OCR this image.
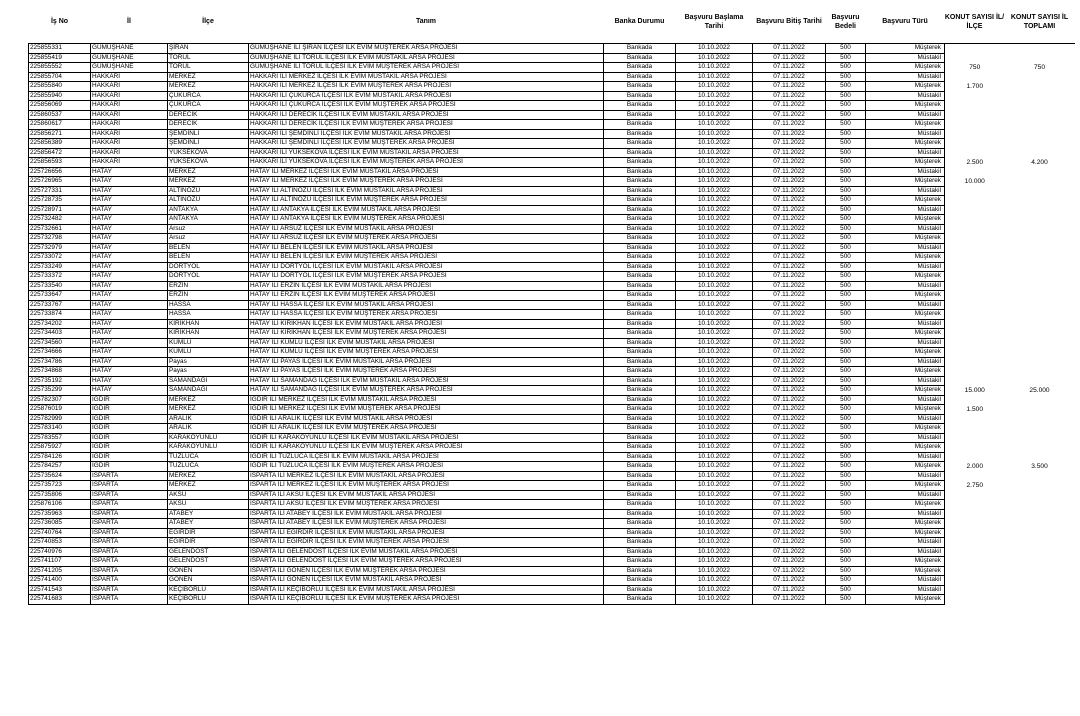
İş No	İl	İlçe	Tanım	Banka Durumu	Başvuru Başlama Tarihi	Başvuru Bitiş Tarihi	Başvuru Bedeli	Başvuru Türü	KONUT SAYISI İL/İLÇE	KONUT SAYISI İL TOPLAMI
225855331	GÜMÜŞHANE	ŞİRAN	GÜMÜŞHANE İLİ ŞİRAN İLÇESİ İLK EVİM MÜŞTEREK ARSA PROJESİ	Bankada	10.10.2022	07.11.2022	500	Müşterek		
225855419	GÜMÜŞHANE	TORUL	GÜMÜŞHANE İLİ TORUL İLÇESİ İLK EVİM MÜSTAKİL ARSA PROJESİ	Bankada	10.10.2022	07.11.2022	500	Müstakil		
225855552	GÜMÜŞHANE	TORUL	GÜMÜŞHANE İLİ TORUL İLÇESİ İLK EVİM MÜŞTEREK ARSA PROJESİ	Bankada	10.10.2022	07.11.2022	500	Müşterek	750	750
225855704	HAKKARİ	MERKEZ	HAKKARİ İLİ MERKEZ İLÇESİ İLK EVİM MÜSTAKİL ARSA PROJESİ	Bankada	10.10.2022	07.11.2022	500	Müstakil		
225855840	HAKKARİ	MERKEZ	HAKKARİ İLİ MERKEZ İLÇESİ İLK EVİM MÜŞTEREK ARSA PROJESİ	Bankada	10.10.2022	07.11.2022	500	Müşterek	1.700	
225855940	HAKKARİ	ÇUKURCA	HAKKARİ İLİ ÇUKURCA İLÇESİ İLK EVİM MÜSTAKİL ARSA PROJESİ	Bankada	10.10.2022	07.11.2022	500	Müstakil		
225856069	HAKKARİ	ÇUKURCA	HAKKARİ İLİ ÇUKURCA İLÇESİ İLK EVİM MÜŞTEREK ARSA PROJESİ	Bankada	10.10.2022	07.11.2022	500	Müşterek		
225860537	HAKKARİ	DERECİK	HAKKARİ İLİ DERECİK İLÇESİ İLK EVİM MÜSTAKİL ARSA PROJESİ	Bankada	10.10.2022	07.11.2022	500	Müstakil		
225860617	HAKKARİ	DERECİK	HAKKARİ İLİ DERECİK İLÇESİ İLK EVİM MÜŞTEREK ARSA PROJESİ	Bankada	10.10.2022	07.11.2022	500	Müşterek		
225856271	HAKKARİ	ŞEMDİNLİ	HAKKARİ İLİ ŞEMDİNLİ İLÇESİ İLK EVİM MÜSTAKİL ARSA PROJESİ	Bankada	10.10.2022	07.11.2022	500	Müstakil		
225856389	HAKKARİ	ŞEMDİNLİ	HAKKARİ İLİ ŞEMDİNLİ İLÇESİ İLK EVİM MÜŞTEREK ARSA PROJESİ	Bankada	10.10.2022	07.11.2022	500	Müşterek		
225856472	HAKKARİ	YÜKSEKOVA	HAKKARİ İLİ YÜKSEKOVA İLÇESİ İLK EVİM MÜSTAKİL ARSA PROJESİ	Bankada	10.10.2022	07.11.2022	500	Müstakil		
225856593	HAKKARİ	YÜKSEKOVA	HAKKARİ İLİ YÜKSEKOVA İLÇESİ İLK EVİM MÜŞTEREK ARSA PROJESİ	Bankada	10.10.2022	07.11.2022	500	Müşterek	2.500	4.200
225726656	HATAY	MERKEZ	HATAY İLİ MERKEZ İLÇESİ İLK EVİM MÜSTAKİL ARSA PROJESİ	Bankada	10.10.2022	07.11.2022	500	Müstakil		
225726965	HATAY	MERKEZ	HATAY İLİ MERKEZ İLÇESİ İLK EVİM MÜŞTEREK ARSA PROJESİ	Bankada	10.10.2022	07.11.2022	500	Müşterek	10.000	
225727331	HATAY	ALTINÖZÜ	HATAY İLİ ALTINÖZÜ İLÇESİ İLK EVİM MÜSTAKİL ARSA PROJESİ	Bankada	10.10.2022	07.11.2022	500	Müstakil		
225728735	HATAY	ALTINÖZÜ	HATAY İLİ ALTINÖZÜ İLÇESİ İLK EVİM MÜŞTEREK ARSA PROJESİ	Bankada	10.10.2022	07.11.2022	500	Müşterek		
225728971	HATAY	ANTAKYA	HATAY İLİ ANTAKYA İLÇESİ İLK EVİM MÜSTAKİL ARSA PROJESİ	Bankada	10.10.2022	07.11.2022	500	Müstakil		
225732482	HATAY	ANTAKYA	HATAY İLİ ANTAKYA İLÇESİ İLK EVİM MÜŞTEREK ARSA PROJESİ	Bankada	10.10.2022	07.11.2022	500	Müşterek		
225732661	HATAY	Arsuz	HATAY İLİ ARSUZ İLÇESİ İLK EVİM MÜSTAKİL ARSA PROJESİ	Bankada	10.10.2022	07.11.2022	500	Müstakil		
225732798	HATAY	Arsuz	HATAY İLİ ARSUZ İLÇESİ İLK EVİM MÜŞTEREK ARSA PROJESİ	Bankada	10.10.2022	07.11.2022	500	Müşterek		
225732979	HATAY	BELEN	HATAY İLİ BELEN İLÇESİ İLK EVİM MÜSTAKİL ARSA PROJESİ	Bankada	10.10.2022	07.11.2022	500	Müstakil		
225733072	HATAY	BELEN	HATAY İLİ BELEN İLÇESİ İLK EVİM MÜŞTEREK ARSA PROJESİ	Bankada	10.10.2022	07.11.2022	500	Müşterek		
225733249	HATAY	DÖRTYOL	HATAY İLİ DÖRTYOL İLÇESİ İLK EVİM MÜSTAKİL ARSA PROJESİ	Bankada	10.10.2022	07.11.2022	500	Müstakil		
225733372	HATAY	DÖRTYOL	HATAY İLİ DÖRTYOL İLÇESİ İLK EVİM MÜŞTEREK ARSA PROJESİ	Bankada	10.10.2022	07.11.2022	500	Müşterek		
225733540	HATAY	ERZİN	HATAY İLİ ERZİN İLÇESİ İLK EVİM MÜSTAKİL ARSA PROJESİ	Bankada	10.10.2022	07.11.2022	500	Müstakil		
225733647	HATAY	ERZİN	HATAY İLİ ERZİN İLÇESİ İLK EVİM MÜŞTEREK ARSA PROJESİ	Bankada	10.10.2022	07.11.2022	500	Müşterek		
225733767	HATAY	HASSA	HATAY İLİ HASSA İLÇESİ İLK EVİM MÜSTAKİL ARSA PROJESİ	Bankada	10.10.2022	07.11.2022	500	Müstakil		
225733874	HATAY	HASSA	HATAY İLİ HASSA İLÇESİ İLK EVİM MÜŞTEREK ARSA PROJESİ	Bankada	10.10.2022	07.11.2022	500	Müşterek		
225734202	HATAY	KIRIKHAN	HATAY İLİ KIRIKHAN İLÇESİ İLK EVİM MÜSTAKİL ARSA PROJESİ	Bankada	10.10.2022	07.11.2022	500	Müstakil		
225734403	HATAY	KIRIKHAN	HATAY İLİ KIRIKHAN İLÇESİ İLK EVİM MÜŞTEREK ARSA PROJESİ	Bankada	10.10.2022	07.11.2022	500	Müşterek		
225734560	HATAY	KUMLU	HATAY İLİ KUMLU İLÇESİ İLK EVİM MÜSTAKİL ARSA PROJESİ	Bankada	10.10.2022	07.11.2022	500	Müstakil		
225734666	HATAY	KUMLU	HATAY İLİ KUMLU İLÇESİ İLK EVİM MÜŞTEREK ARSA PROJESİ	Bankada	10.10.2022	07.11.2022	500	Müşterek		
225734786	HATAY	Payas	HATAY İLİ PAYAS İLÇESİ İLK EVİM MÜSTAKİL ARSA PROJESİ	Bankada	10.10.2022	07.11.2022	500	Müstakil		
225734868	HATAY	Payas	HATAY İLİ PAYAS İLÇESİ İLK EVİM MÜŞTEREK ARSA PROJESİ	Bankada	10.10.2022	07.11.2022	500	Müşterek		
225735192	HATAY	SAMANDAĞI	HATAY İLİ SAMANDAĞ İLÇESİ İLK EVİM MÜSTAKİL ARSA PROJESİ	Bankada	10.10.2022	07.11.2022	500	Müstakil		
225735299	HATAY	SAMANDAĞI	HATAY İLİ SAMANDAĞ İLÇESİ İLK EVİM MÜŞTEREK ARSA PROJESİ	Bankada	10.10.2022	07.11.2022	500	Müşterek	15.000	25.000
225782307	IĞDIR	MERKEZ	IĞDIR İLİ MERKEZ İLÇESİ İLK EVİM MÜSTAKİL ARSA PROJESİ	Bankada	10.10.2022	07.11.2022	500	Müstakil		
225876019	IĞDIR	MERKEZ	IĞDIR İLİ MERKEZ İLÇESİ İLK EVİM MÜŞTEREK ARSA PROJESİ	Bankada	10.10.2022	07.11.2022	500	Müşterek	1.500	
225782999	IĞDIR	ARALIK	IĞDIR İLİ ARALIK İLÇESİ İLK EVİM MÜSTAKİL ARSA PROJESİ	Bankada	10.10.2022	07.11.2022	500	Müstakil		
225783140	IĞDIR	ARALIK	IĞDIR İLİ ARALIK İLÇESİ İLK EVİM MÜŞTEREK ARSA PROJESİ	Bankada	10.10.2022	07.11.2022	500	Müşterek		
225783557	IĞDIR	KARAKOYUNLU	IĞDIR İLİ KARAKOYUNLU İLÇESİ İLK EVİM MÜSTAKİL ARSA PROJESİ	Bankada	10.10.2022	07.11.2022	500	Müstakil		
225875927	IĞDIR	KARAKOYUNLU	IĞDIR İLİ KARAKOYUNLU İLÇESİ İLK EVİM MÜŞTEREK ARSA PROJESİ	Bankada	10.10.2022	07.11.2022	500	Müşterek		
225784126	IĞDIR	TUZLUCA	IĞDIR İLİ TUZLUCA İLÇESİ İLK EVİM MÜSTAKİL ARSA PROJESİ	Bankada	10.10.2022	07.11.2022	500	Müstakil		
225784257	IĞDIR	TUZLUCA	IĞDIR İLİ TUZLUCA İLÇESİ İLK EVİM MÜŞTEREK ARSA PROJESİ	Bankada	10.10.2022	07.11.2022	500	Müşterek	2.000	3.500
225735624	ISPARTA	MERKEZ	ISPARTA İLİ MERKEZ İLÇESİ İLK EVİM MÜSTAKİL ARSA PROJESİ	Bankada	10.10.2022	07.11.2022	500	Müstakil		
225735723	ISPARTA	MERKEZ	ISPARTA İLİ MERKEZ İLÇESİ İLK EVİM MÜŞTEREK ARSA PROJESİ	Bankada	10.10.2022	07.11.2022	500	Müşterek	2.750	
225735806	ISPARTA	AKSU	ISPARTA İLİ AKSU İLÇESİ İLK EVİM MÜSTAKİL ARSA PROJESİ	Bankada	10.10.2022	07.11.2022	500	Müstakil		
225876106	ISPARTA	AKSU	ISPARTA İLİ AKSU İLÇESİ İLK EVİM MÜŞTEREK ARSA PROJESİ	Bankada	10.10.2022	07.11.2022	500	Müşterek		
225735963	ISPARTA	ATABEY	ISPARTA İLİ ATABEY İLÇESİ İLK EVİM MÜSTAKİL ARSA PROJESİ	Bankada	10.10.2022	07.11.2022	500	Müstakil		
225736085	ISPARTA	ATABEY	ISPARTA İLİ ATABEY İLÇESİ İLK EVİM MÜŞTEREK ARSA PROJESİ	Bankada	10.10.2022	07.11.2022	500	Müşterek		
225740764	ISPARTA	EĞİRDİR	ISPARTA İLİ EĞİRDİR İLÇESİ İLK EVİM MÜSTAKİL ARSA PROJESİ	Bankada	10.10.2022	07.11.2022	500	Müşterek		
225740853	ISPARTA	EĞİRDİR	ISPARTA İLİ EĞİRDİR İLÇESİ İLK EVİM MÜŞTEREK ARSA PROJESİ	Bankada	10.10.2022	07.11.2022	500	Müstakil		
225740976	ISPARTA	GELENDOST	ISPARTA İLİ GELENDOST İLÇESİ İLK EVİM MÜSTAKİL ARSA PROJESİ	Bankada	10.10.2022	07.11.2022	500	Müstakil		
225741107	ISPARTA	GELENDOST	ISPARTA İLİ GELENDOST İLÇESİ İLK EVİM MÜŞTEREK ARSA PROJESİ	Bankada	10.10.2022	07.11.2022	500	Müşterek		
225741205	ISPARTA	GÖNEN	ISPARTA İLİ GÖNEN İLÇESİ İLK EVİM MÜŞTEREK ARSA PROJESİ	Bankada	10.10.2022	07.11.2022	500	Müşterek		
225741400	ISPARTA	GÖNEN	ISPARTA İLİ GÖNEN İLÇESİ İLK EVİM MÜSTAKİL ARSA PROJESİ	Bankada	10.10.2022	07.11.2022	500	Müstakil		
225741543	ISPARTA	KEÇİBORLU	ISPARTA İLİ KEÇİBORLU İLÇESİ İLK EVİM MÜSTAKİL ARSA PROJESİ	Bankada	10.10.2022	07.11.2022	500	Müstakil		
225741683	ISPARTA	KEÇİBORLU	ISPARTA İLİ KEÇİBORLU İLÇESİ İLK EVİM MÜŞTEREK ARSA PROJESİ	Bankada	10.10.2022	07.11.2022	500	Müşterek		
